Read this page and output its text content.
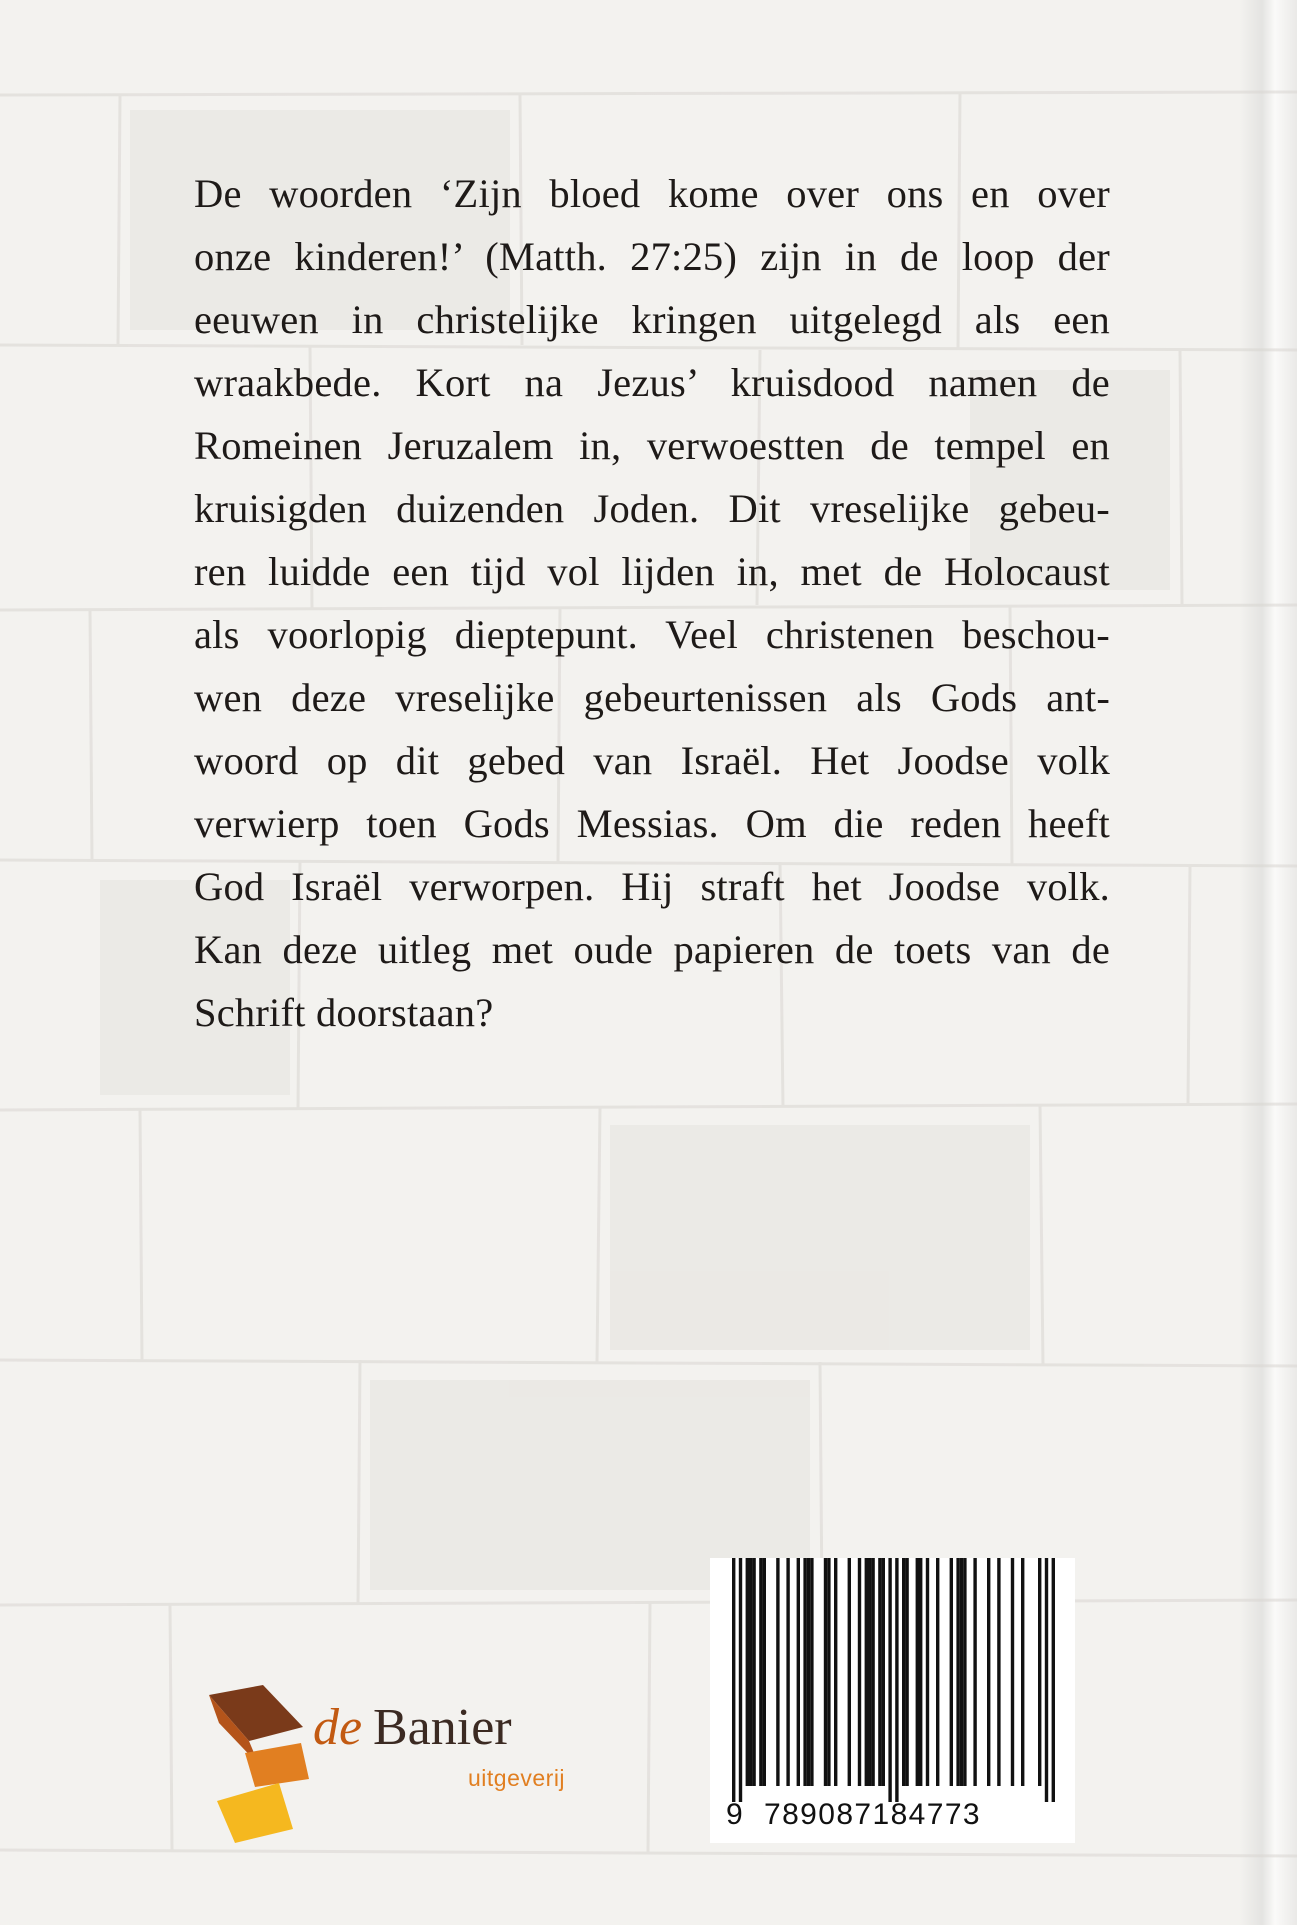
De woorden ‘Zijn bloed kome over ons en over
onze kinderen!’ (Matth. 27:25) zijn in de loop der
eeuwen in christelijke kringen uitgelegd als een
wraakbede. Kort na Jezus’ kruisdood namen de
Romeinen Jeruzalem in, verwoestten de tempel en
kruisigden duizenden Joden. Dit vreselijke gebeu-
ren luidde een tijd vol lijden in, met de Holocaust
als voorlopig dieptepunt. Veel christenen beschou-
wen deze vreselijke gebeurtenissen als Gods ant-
woord op dit gebed van Israël. Het Joodse volk
verwierp toen Gods Messias. Om die reden heeft
God Israël verworpen. Hij straft het Joodse volk.
Kan deze uitleg met oude papieren de toets van de
Schrift doorstaan?
de Banier
uitgeverij
9 789087184773
